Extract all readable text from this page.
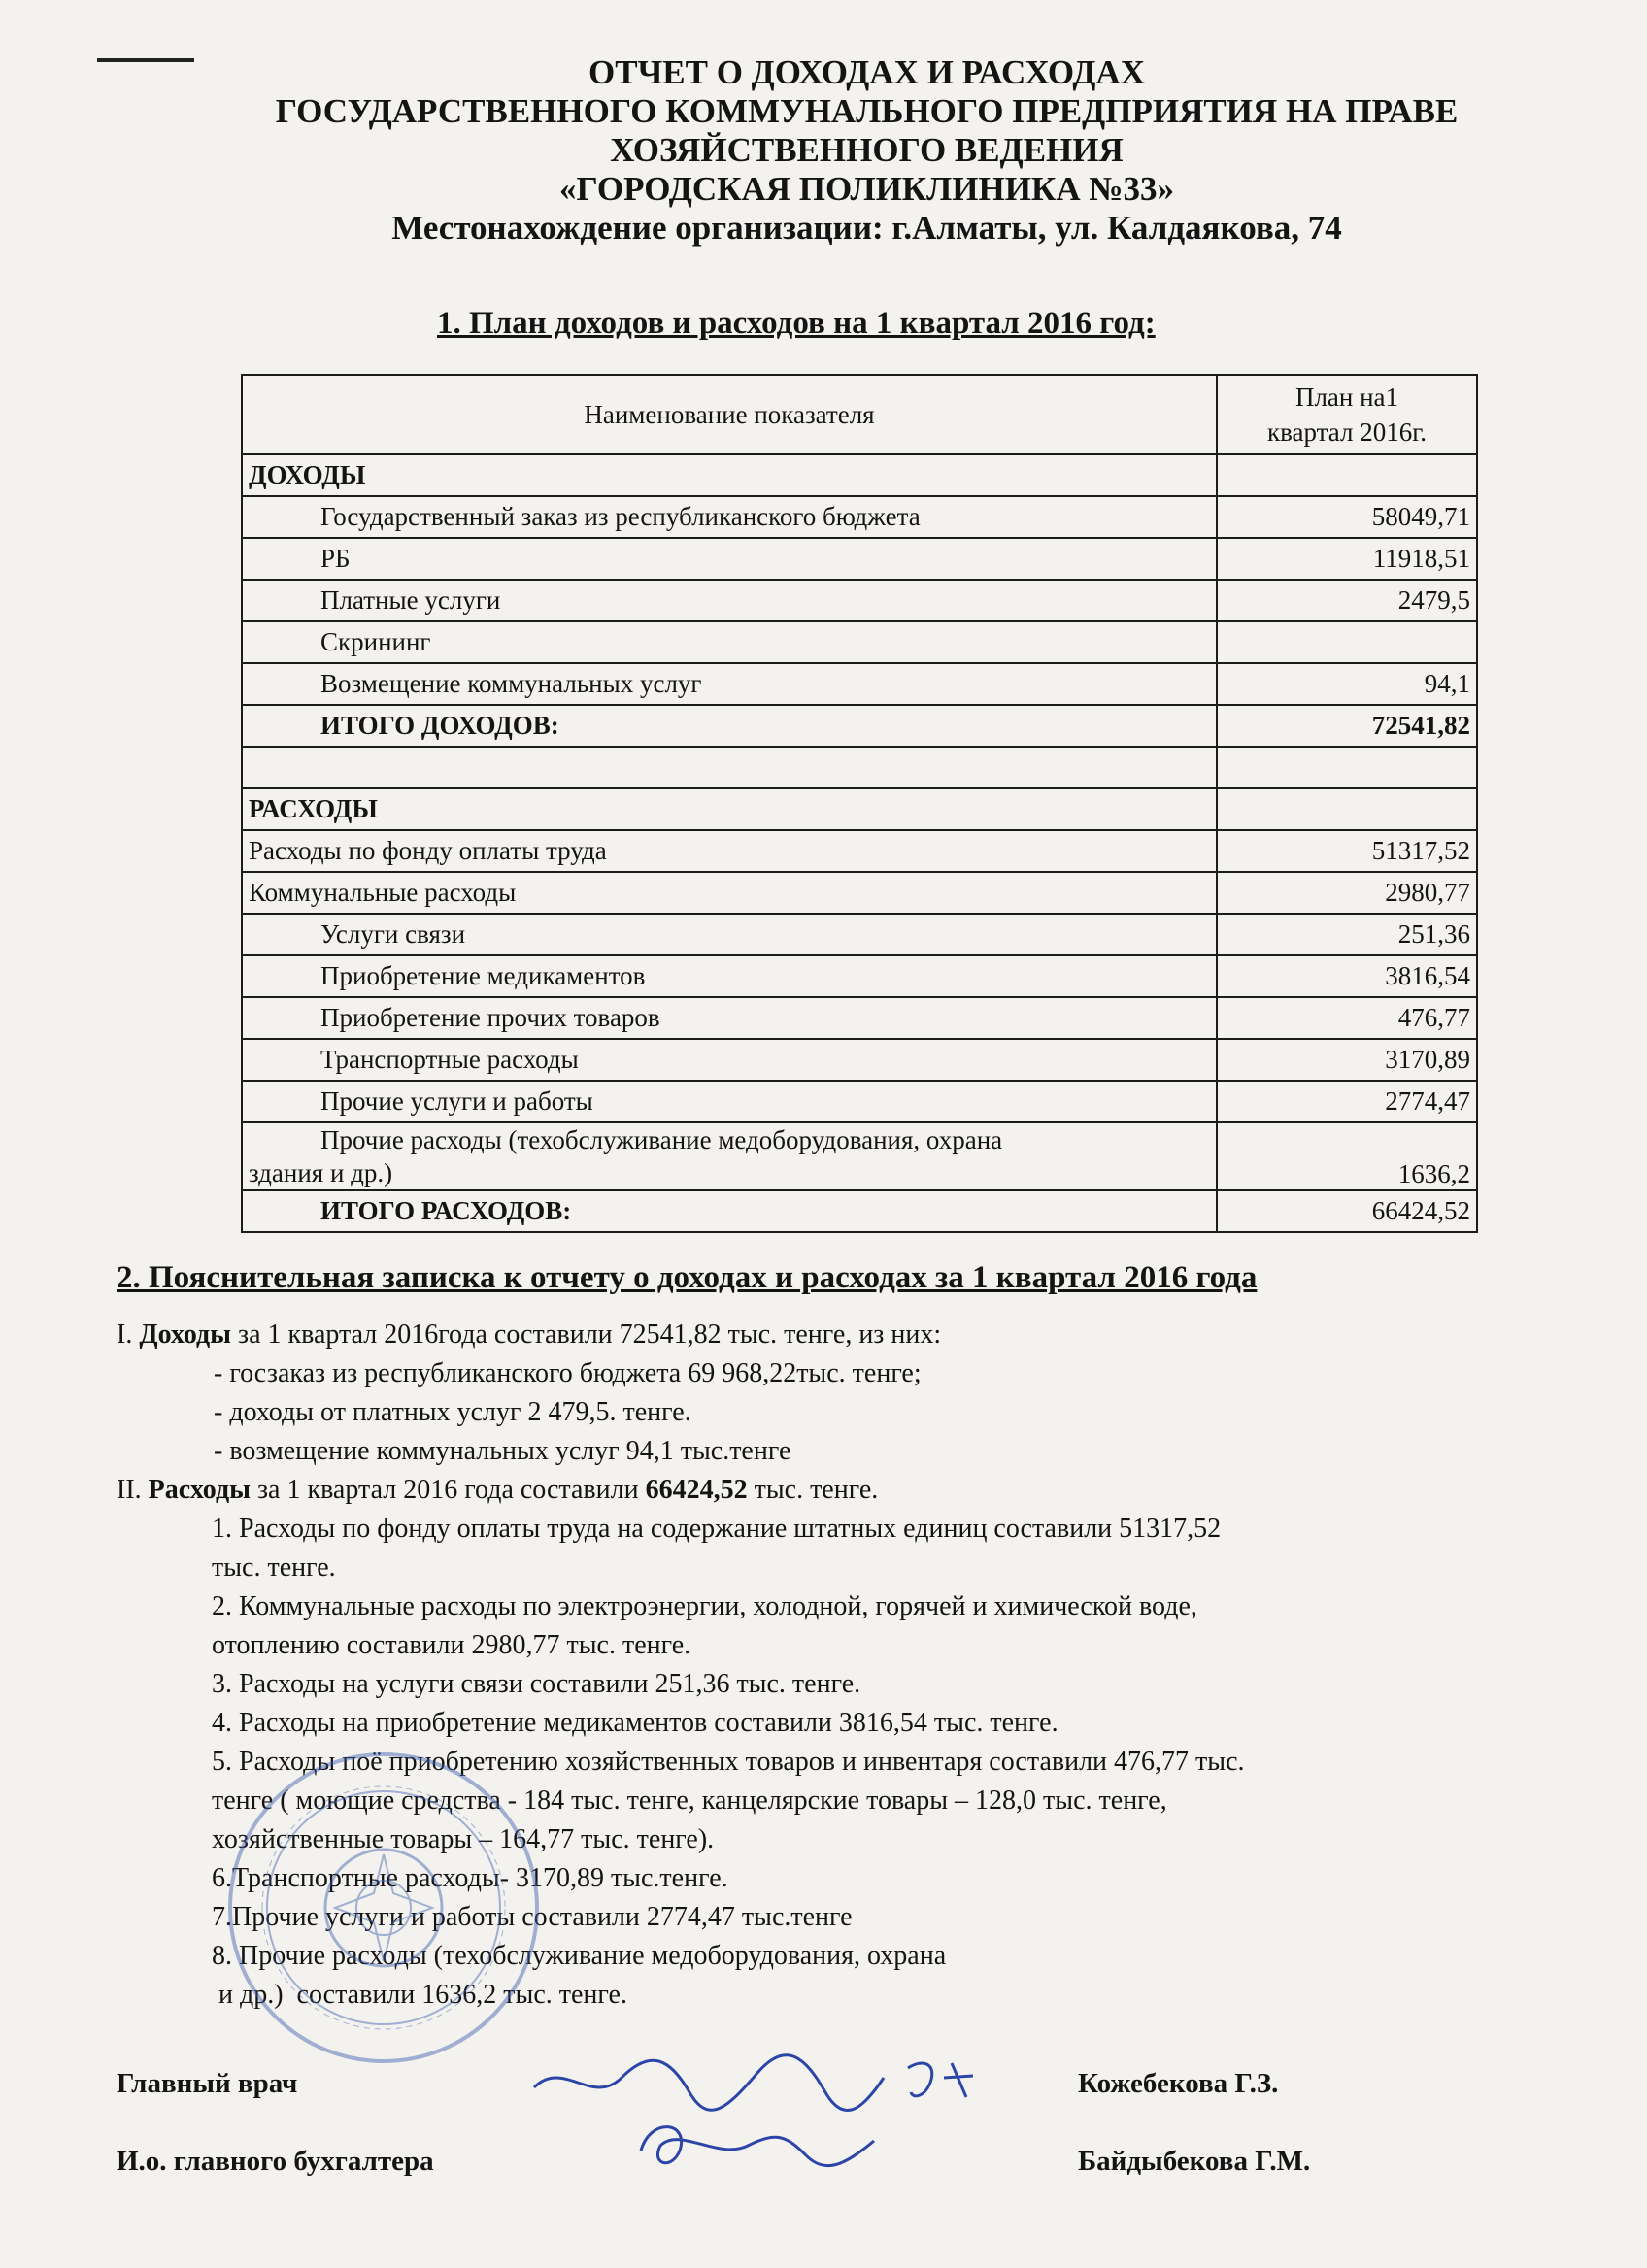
ОТЧЕТ О ДОХОДАХ И РАСХОДАХ
ГОСУДАРСТВЕННОГО КОММУНАЛЬНОГО ПРЕДПРИЯТИЯ НА ПРАВЕ
ХОЗЯЙСТВЕННОГО ВЕДЕНИЯ
«ГОРОДСКАЯ ПОЛИКЛИНИКА №33»
Местонахождение организации: г.Алматы, ул. Калдаякова, 74
1. План доходов и расходов на 1 квартал 2016 год:
Наименование показателя	План на1
квартал 2016г.
ДОХОДЫ	
Государственный заказ из республиканского бюджета	58049,71
РБ	11918,51
Платные услуги	2479,5
Скрининг	
Возмещение коммунальных услуг	94,1
ИТОГО ДОХОДОВ:	72541,82

РАСХОДЫ	
Расходы по фонду оплаты труда	51317,52
Коммунальные расходы	2980,77
Услуги связи	251,36
Приобретение медикаментов	3816,54
Приобретение прочих товаров	476,77
Транспортные расходы	3170,89
Прочие услуги и работы	2774,47

Прочие расходы (техобслуживание медоборудования, охрана
здания и др.)	1636,2
ИТОГО РАСХОДОВ:	66424,52
2. Пояснительная записка к отчету о доходах и расходах за 1 квартал 2016 года
I. Доходы за 1 квартал 2016года составили 72541,82 тыс. тенге, из них:
- госзаказ из республиканского бюджета 69 968,22тыс. тенге;
- доходы от платных услуг 2 479,5. тенге.
- возмещение коммунальных услуг 94,1 тыс.тенге
II. Расходы за 1 квартал 2016 года составили 66424,52 тыс. тенге.
1. Расходы по фонду оплаты труда на содержание штатных единиц составили 51317,52
тыс. тенге.
2. Коммунальные расходы по электроэнергии, холодной, горячей и химической воде,
отоплению составили 2980,77 тыс. тенге.
3. Расходы на услуги связи составили 251,36 тыс. тенге.
4. Расходы на приобретение медикаментов составили 3816,54 тыс. тенге.
5. Расходы поё приобретению хозяйственных товаров и инвентаря составили 476,77 тыс.
тенге ( моющие средства - 184 тыс. тенге, канцелярские товары – 128,0 тыс. тенге,
хозяйственные товары – 164,77 тыс. тенге).
6.Транспортные расходы- 3170,89 тыс.тенге.
7.Прочие услуги и работы составили 2774,47 тыс.тенге
8. Прочие расходы (техобслуживание медоборудования, охрана
и др.)  составили 1636,2 тыс. тенге.
Главный врач	Кожебекова Г.З.
И.о. главного бухгалтера	Байдыбекова Г.М.
